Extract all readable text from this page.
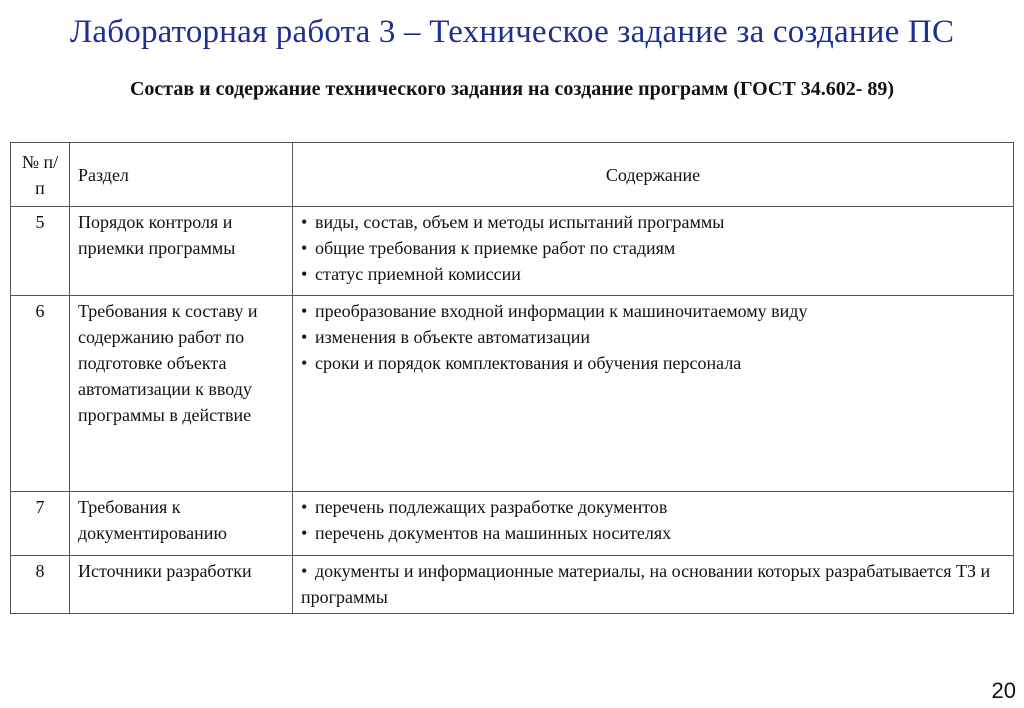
Лабораторная работа 3 – Техническое задание за создание ПС
Состав и содержание технического задания на создание программ (ГОСТ 34.602- 89)
№ п/п	Раздел	Содержание
5	Порядок контроля и приемки программы	• виды, состав, объем и методы испытаний программы
• общие требования к приемке работ по стадиям
• статус приемной комиссии

6	Требования к составу и содержанию работ по подготовке объекта автоматизации к вводу программы в действие	• преобразование входной информации к машиночитаемому виду
• изменения в объекте автоматизации
• сроки и порядок комплектования и обучения персонала

7	Требования к документированию	• перечень подлежащих разработке документов
• перечень документов на машинных носителях

8	Источники разработки	• документы и информационные материалы, на основании которых разрабатывается ТЗ и программы
20
